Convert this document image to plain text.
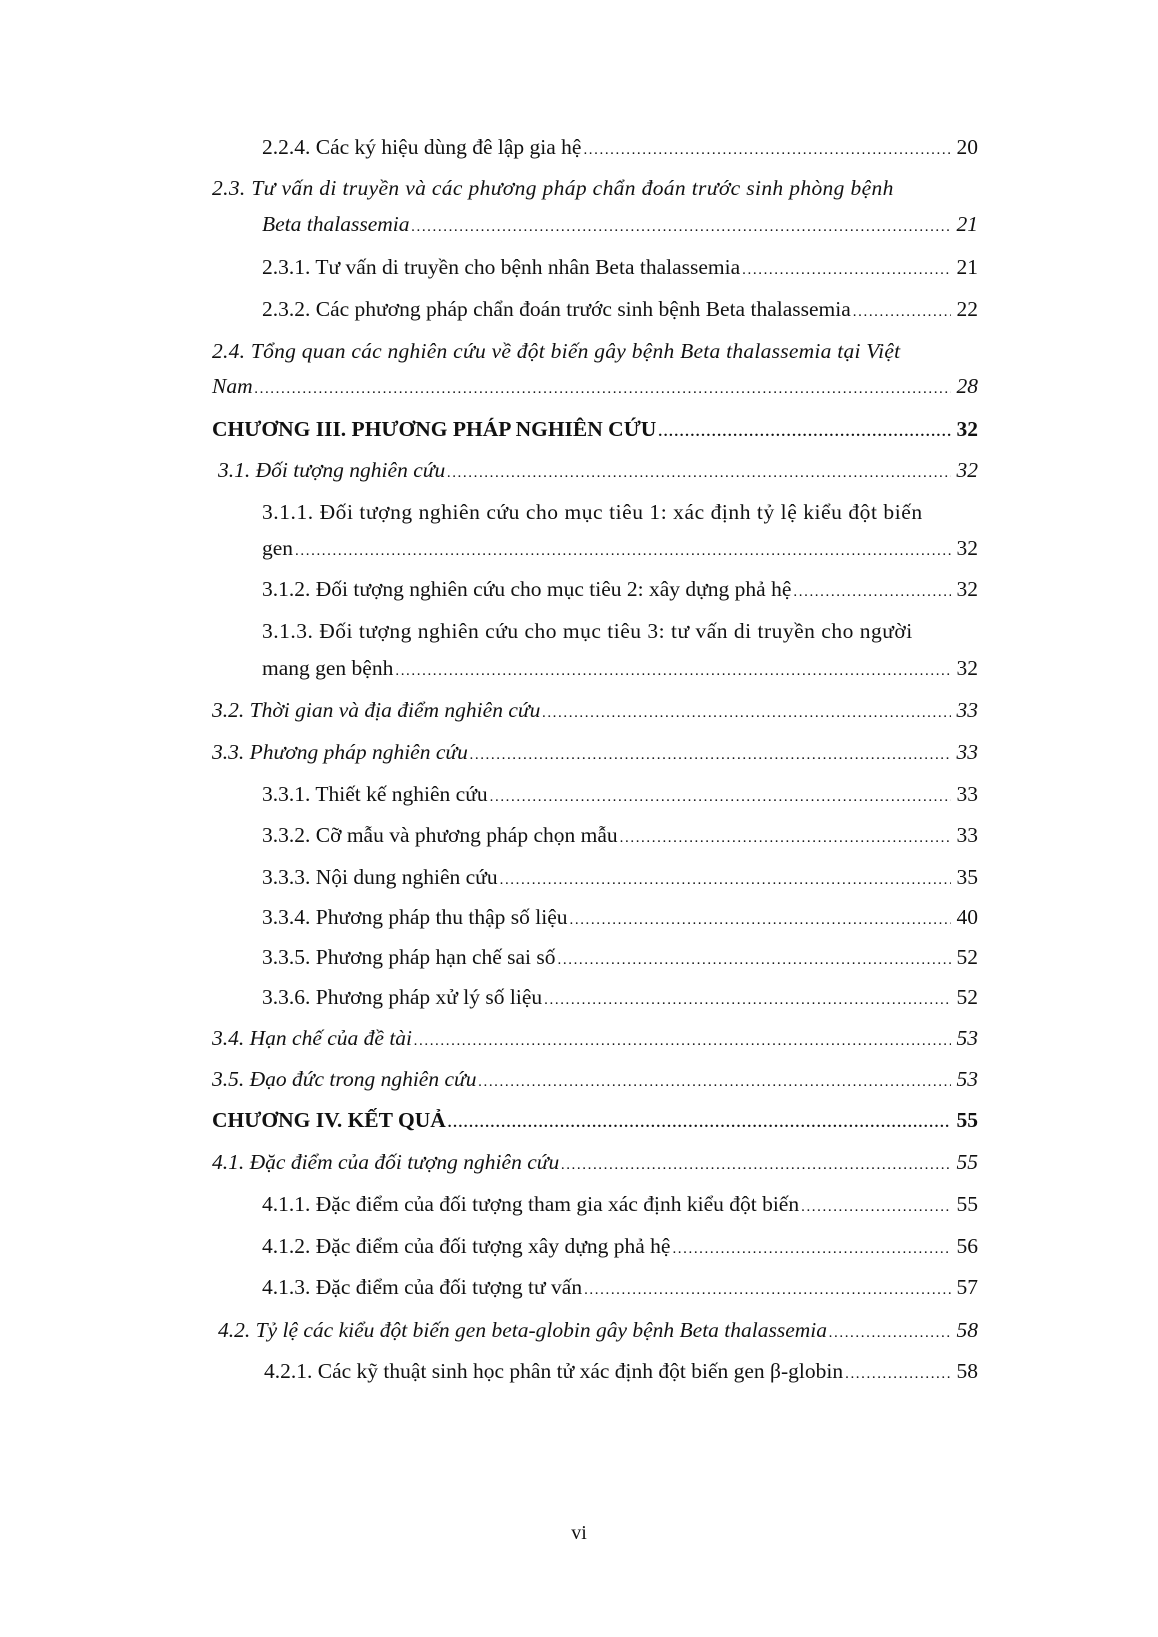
2.2.4. Các ký hiệu dùng đê lập gia hệ .....	20
2.3. Tư vấn di truyền và các phương pháp chẩn đoán trước sinh phòng bệnh
Beta thalassemia .....	21
2.3.1. Tư vấn di truyền cho bệnh nhân Beta thalassemia .....	21
2.3.2. Các phương pháp chẩn đoán trước sinh bệnh Beta thalassemia .....	22
2.4. Tổng quan các nghiên cứu về đột biến gây bệnh Beta thalassemia tại Việt
Nam .....	28
CHƯƠNG III. PHƯƠNG PHÁP NGHIÊN CỨU .....	32
3.1. Đối tượng nghiên cứu .....	32
3.1.1. Đối tượng nghiên cứu cho mục tiêu 1: xác định tỷ lệ kiểu đột biến
gen .....	32
3.1.2. Đối tượng nghiên cứu cho mục tiêu 2: xây dựng phả hệ .....	32
3.1.3. Đối tượng nghiên cứu cho mục tiêu 3: tư vấn di truyền cho người
mang gen bệnh .....	32
3.2. Thời gian và địa điểm nghiên cứu .....	33
3.3. Phương pháp nghiên cứu .....	33
3.3.1. Thiết kế nghiên cứu .....	33
3.3.2. Cỡ mẫu và phương pháp chọn mẫu .....	33
3.3.3. Nội dung nghiên cứu .....	35
3.3.4. Phương pháp thu thập số liệu .....	40
3.3.5. Phương pháp hạn chế sai số .....	52
3.3.6. Phương pháp xử lý số liệu .....	52
3.4. Hạn chế của đề tài .....	53
3.5. Đạo đức trong nghiên cứu .....	53
CHƯƠNG IV. KẾT QUẢ .....	55
4.1. Đặc điểm của đối tượng nghiên cứu .....	55
4.1.1. Đặc điểm của đối tượng tham gia xác định kiểu đột biến .....	55
4.1.2. Đặc điểm của đối tượng xây dựng phả hệ .....	56
4.1.3. Đặc điểm của đối tượng tư vấn .....	57
4.2. Tỷ lệ các kiểu đột biến gen beta-globin gây bệnh Beta thalassemia .....	58
4.2.1. Các kỹ thuật sinh học phân tử xác định đột biến gen β-globin .....	58
vi
